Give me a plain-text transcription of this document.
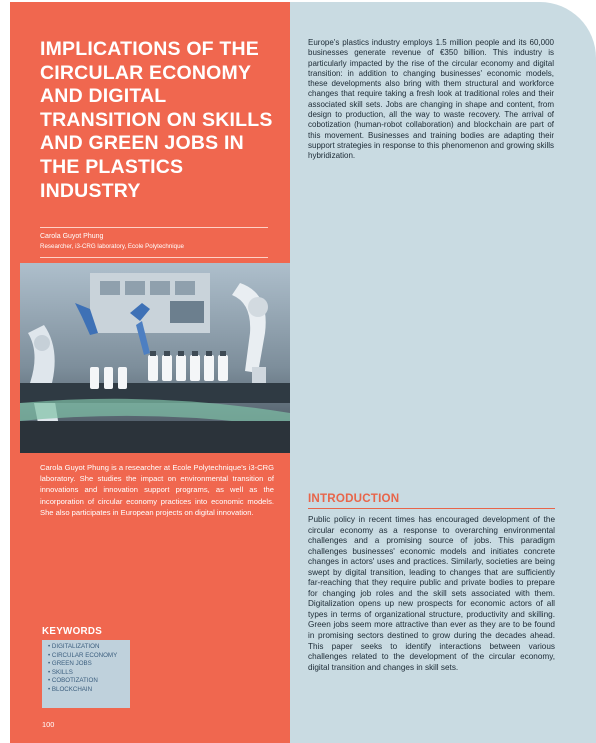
IMPLICATIONS OF THE CIRCULAR ECONOMY AND DIGITAL TRANSITION ON SKILLS AND GREEN JOBS IN THE PLASTICS INDUSTRY
Carola Guyot Phung
Researcher, i3-CRG laboratory, Ecole Polytechnique

Carola Guyot Phung is a researcher at Ecole Polytechnique's i3-CRG laboratory. She studies the impact on environmental transition of innovations and innovation support programs, as well as the incorporation of circular economy practices into economic models. She also participates in European projects on digital innovation.

KEYWORDS
• DIGITALIZATION
• CIRCULAR ECONOMY
• GREEN JOBS
• SKILLS
• COBOTIZATION
• BLOCKCHAIN
100

Europe's plastics industry employs 1.5 million people and its 60,000 businesses generate revenue of €350 billion. This industry is particularly impacted by the rise of the circular economy and digital transition: in addition to changing businesses' economic models, these developments also bring with them structural and workforce changes that require taking a fresh look at traditional roles and their associated skill sets. Jobs are changing in shape and content, from design to production, all the way to waste recovery. The arrival of cobotization (human-robot collaboration) and blockchain are part of this movement. Businesses and training bodies are adapting their support strategies in response to this phenomenon and growing skills hybridization.

INTRODUCTION

Public policy in recent times has encouraged development of the circular economy as a response to overarching environmental challenges and a promising source of jobs. This paradigm challenges businesses' economic models and initiates concrete changes in actors' uses and practices. Similarly, societies are being swept by digital transition, leading to changes that are sufficiently far-reaching that they require public and private bodies to prepare for changing job roles and the skill sets associated with them. Digitalization opens up new prospects for economic actors of all types in terms of organizational structure, productivity and skilling. Green jobs seem more attractive than ever as they are to be found in promising sectors destined to grow during the decades ahead. This paper seeks to identify interactions between various challenges related to the development of the circular economy, digital transition and changes in skill sets.
